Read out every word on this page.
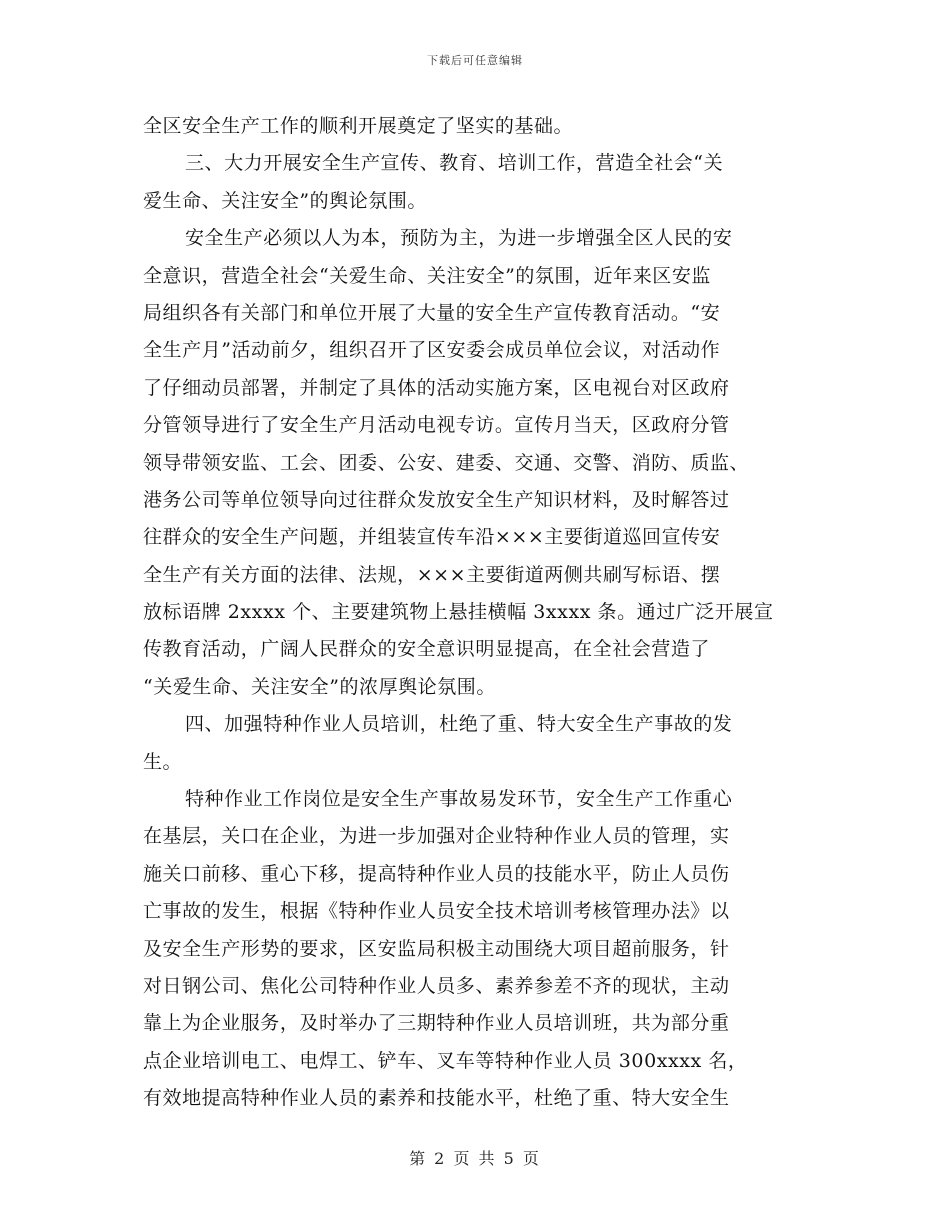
下载后可任意编辑
全区安全生产工作的顺利开展奠定了坚实的基础。
三、大力开展安全生产宣传、教育、培训工作，营造全社会“关
爱生命、关注安全”的舆论氛围。
安全生产必须以人为本，预防为主，为进一步增强全区人民的安
全意识，营造全社会“关爱生命、关注安全”的氛围，近年来区安监
局组织各有关部门和单位开展了大量的安全生产宣传教育活动。“安
全生产月”活动前夕，组织召开了区安委会成员单位会议，对活动作
了仔细动员部署，并制定了具体的活动实施方案，区电视台对区政府
分管领导进行了安全生产月活动电视专访。宣传月当天，区政府分管
领导带领安监、工会、团委、公安、建委、交通、交警、消防、质监、
港务公司等单位领导向过往群众发放安全生产知识材料，及时解答过
往群众的安全生产问题，并组装宣传车沿×××主要街道巡回宣传安
全生产有关方面的法律、法规，×××主要街道两侧共刷写标语、摆
放标语牌 2xxxx 个、主要建筑物上悬挂横幅 3xxxx 条。通过广泛开展宣
传教育活动，广阔人民群众的安全意识明显提高，在全社会营造了
“关爱生命、关注安全”的浓厚舆论氛围。
四、加强特种作业人员培训，杜绝了重、特大安全生产事故的发
生。
特种作业工作岗位是安全生产事故易发环节，安全生产工作重心
在基层，关口在企业，为进一步加强对企业特种作业人员的管理，实
施关口前移、重心下移，提高特种作业人员的技能水平，防止人员伤
亡事故的发生，根据《特种作业人员安全技术培训考核管理办法》以
及安全生产形势的要求，区安监局积极主动围绕大项目超前服务，针
对日钢公司、焦化公司特种作业人员多、素养参差不齐的现状，主动
靠上为企业服务，及时举办了三期特种作业人员培训班，共为部分重
点企业培训电工、电焊工、铲车、叉车等特种作业人员 300xxxx 名，
有效地提高特种作业人员的素养和技能水平，杜绝了重、特大安全生
第 2 页 共 5 页
